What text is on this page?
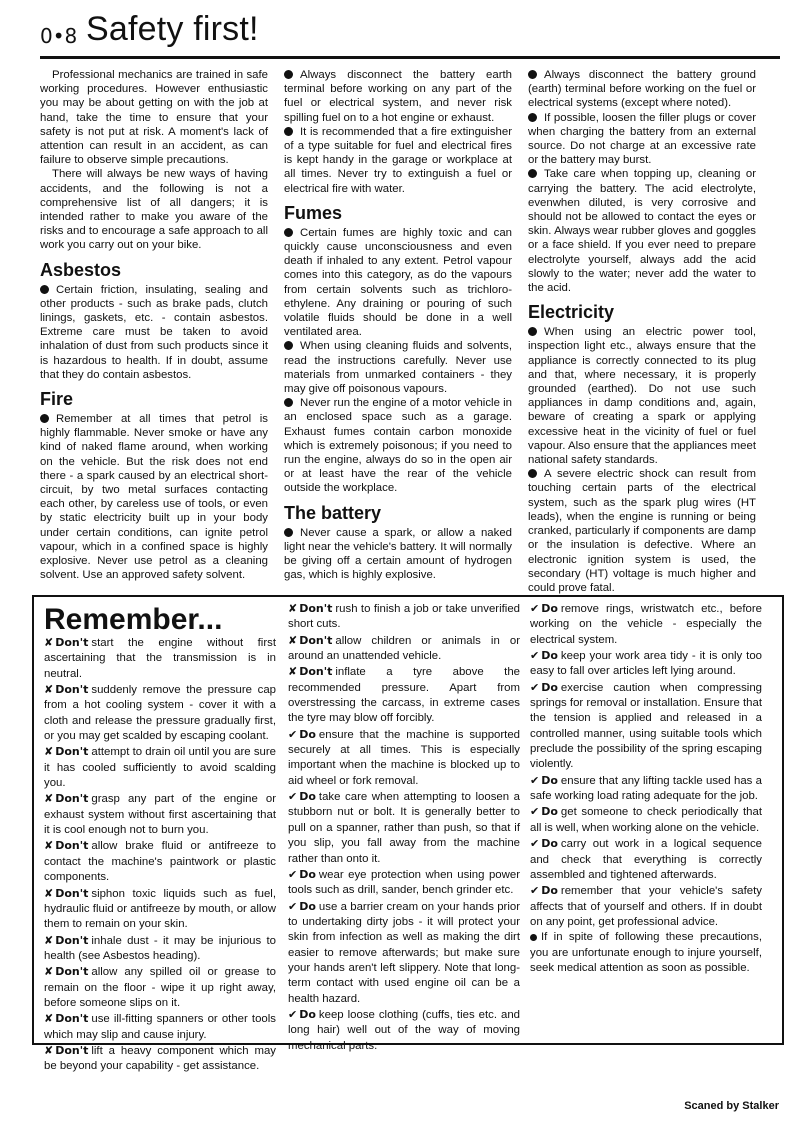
0•8 Safety first!

Professional mechanics are trained in safe working procedures. However enthusiastic you may be about getting on with the job at hand, take the time to ensure that your safety is not put at risk. A moment's lack of attention can result in an accident, as can failure to observe simple precautions.

There will always be new ways of having accidents, and the following is not a comprehensive list of all dangers; it is intended rather to make you aware of the risks and to encourage a safe approach to all work you carry out on your bike.

Asbestos

Certain friction, insulating, sealing and other products - such as brake pads, clutch linings, gaskets, etc. - contain asbestos. Extreme care must be taken to avoid inhalation of dust from such products since it is hazardous to health. If in doubt, assume that they do contain asbestos.

Fire

Remember at all times that petrol is highly flammable. Never smoke or have any kind of naked flame around, when working on the vehicle. But the risk does not end there - a spark caused by an electrical short-circuit, by two metal surfaces contacting each other, by careless use of tools, or even by static electricity built up in your body under certain conditions, can ignite petrol vapour, which in a confined space is highly explosive. Never use petrol as a cleaning solvent. Use an approved safety solvent.

Always disconnect the battery earth terminal before working on any part of the fuel or electrical system, and never risk spilling fuel on to a hot engine or exhaust.

It is recommended that a fire extinguisher of a type suitable for fuel and electrical fires is kept handy in the garage or workplace at all times. Never try to extinguish a fuel or electrical fire with water.

Fumes

Certain fumes are highly toxic and can quickly cause unconsciousness and even death if inhaled to any extent. Petrol vapour comes into this category, as do the vapours from certain solvents such as trichloro-ethylene. Any draining or pouring of such volatile fluids should be done in a well ventilated area.

When using cleaning fluids and solvents, read the instructions carefully. Never use materials from unmarked containers - they may give off poisonous vapours.

Never run the engine of a motor vehicle in an enclosed space such as a garage. Exhaust fumes contain carbon monoxide which is extremely poisonous; if you need to run the engine, always do so in the open air or at least have the rear of the vehicle outside the workplace.

The battery

Never cause a spark, or allow a naked light near the vehicle's battery. It will normally be giving off a certain amount of hydrogen gas, which is highly explosive.

Always disconnect the battery ground (earth) terminal before working on the fuel or electrical systems (except where noted).

If possible, loosen the filler plugs or cover when charging the battery from an external source. Do not charge at an excessive rate or the battery may burst.

Take care when topping up, cleaning or carrying the battery. The acid electrolyte, evenwhen diluted, is very corrosive and should not be allowed to contact the eyes or skin. Always wear rubber gloves and goggles or a face shield. If you ever need to prepare electrolyte yourself, always add the acid slowly to the water; never add the water to the acid.

Electricity

When using an electric power tool, inspection light etc., always ensure that the appliance is correctly connected to its plug and that, where necessary, it is properly grounded (earthed). Do not use such appliances in damp conditions and, again, beware of creating a spark or applying excessive heat in the vicinity of fuel or fuel vapour. Also ensure that the appliances meet national safety standards.

A severe electric shock can result from touching certain parts of the electrical system, such as the spark plug wires (HT leads), when the engine is running or being cranked, particularly if components are damp or the insulation is defective. Where an electronic ignition system is used, the secondary (HT) voltage is much higher and could prove fatal.

Remember...

✘ Don't start the engine without first ascertaining that the transmission is in neutral.

✘ Don't suddenly remove the pressure cap from a hot cooling system - cover it with a cloth and release the pressure gradually first, or you may get scalded by escaping coolant.

✘ Don't attempt to drain oil until you are sure it has cooled sufficiently to avoid scalding you.

✘ Don't grasp any part of the engine or exhaust system without first ascertaining that it is cool enough not to burn you.

✘ Don't allow brake fluid or antifreeze to contact the machine's paintwork or plastic components.

✘ Don't siphon toxic liquids such as fuel, hydraulic fluid or antifreeze by mouth, or allow them to remain on your skin.

✘ Don't inhale dust - it may be injurious to health (see Asbestos heading).

✘ Don't allow any spilled oil or grease to remain on the floor - wipe it up right away, before someone slips on it.

✘ Don't use ill-fitting spanners or other tools which may slip and cause injury.

✘ Don't lift a heavy component which may be beyond your capability - get assistance.

✘ Don't rush to finish a job or take unverified short cuts.

✘ Don't allow children or animals in or around an unattended vehicle.

✘ Don't inflate a tyre above the recommended pressure. Apart from overstressing the carcass, in extreme cases the tyre may blow off forcibly.

✔ Do ensure that the machine is supported securely at all times. This is especially important when the machine is blocked up to aid wheel or fork removal.

✔ Do take care when attempting to loosen a stubborn nut or bolt. It is generally better to pull on a spanner, rather than push, so that if you slip, you fall away from the machine rather than onto it.

✔ Do wear eye protection when using power tools such as drill, sander, bench grinder etc.

✔ Do use a barrier cream on your hands prior to undertaking dirty jobs - it will protect your skin from infection as well as making the dirt easier to remove afterwards; but make sure your hands aren't left slippery. Note that long-term contact with used engine oil can be a health hazard.

✔ Do keep loose clothing (cuffs, ties etc. and long hair) well out of the way of moving mechanical parts.

✔ Do remove rings, wristwatch etc., before working on the vehicle - especially the electrical system.

✔ Do keep your work area tidy - it is only too easy to fall over articles left lying around.

✔ Do exercise caution when compressing springs for removal or installation. Ensure that the tension is applied and released in a controlled manner, using suitable tools which preclude the possibility of the spring escaping violently.

✔ Do ensure that any lifting tackle used has a safe working load rating adequate for the job.

✔ Do get someone to check periodically that all is well, when working alone on the vehicle.

✔ Do carry out work in a logical sequence and check that everything is correctly assembled and tightened afterwards.

✔ Do remember that your vehicle's safety affects that of yourself and others. If in doubt on any point, get professional advice.

If in spite of following these precautions, you are unfortunate enough to injure yourself, seek medical attention as soon as possible.

Scaned by Stalker
